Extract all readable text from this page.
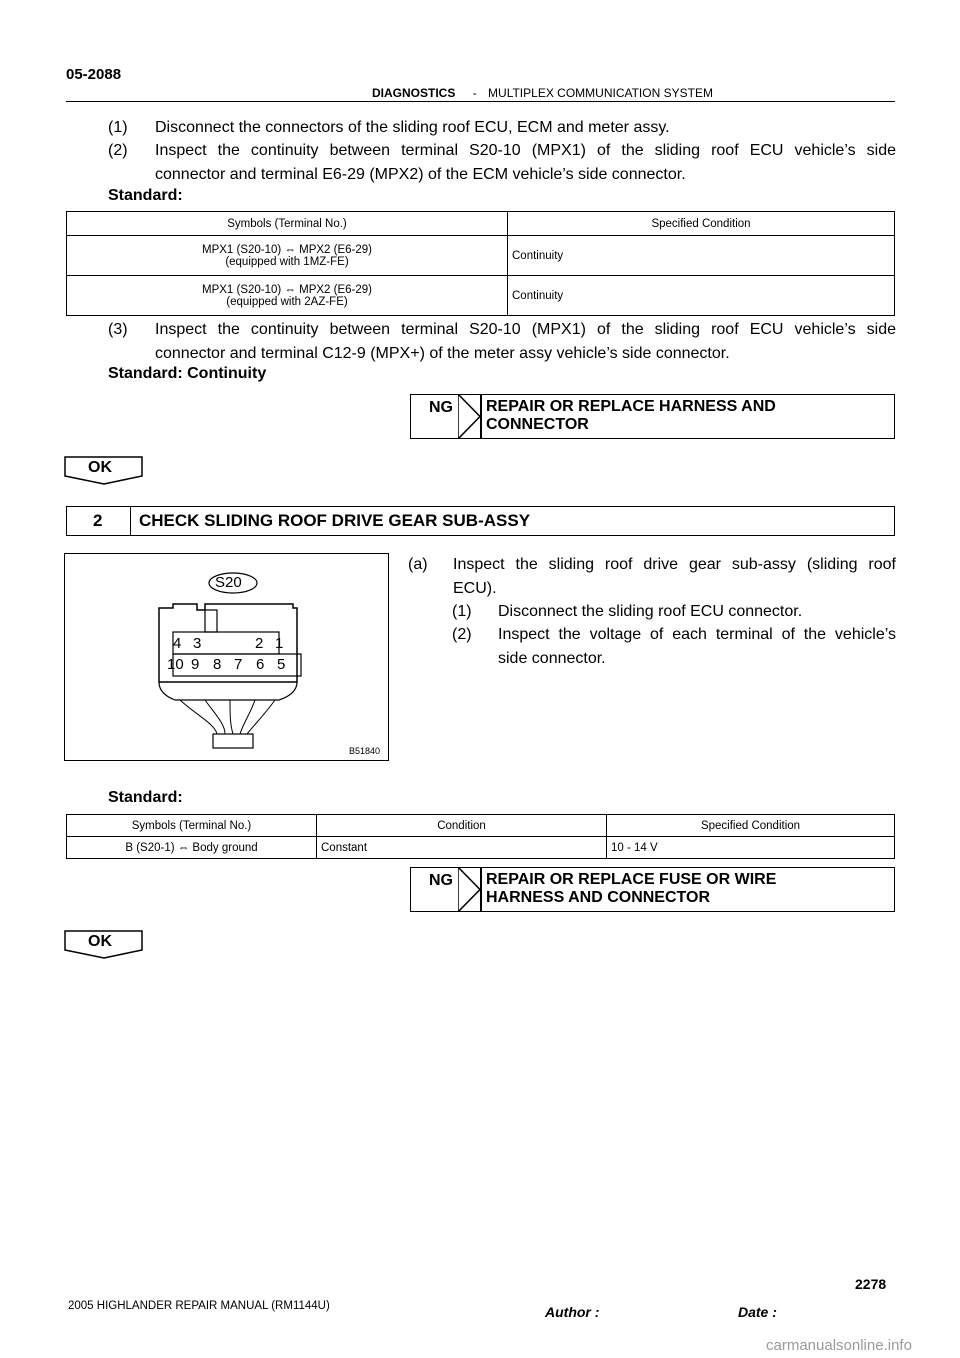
05-2088
DIAGNOSTICS - MULTIPLEX COMMUNICATION SYSTEM
(1) Disconnect the connectors of the sliding roof ECU, ECM and meter assy.
(2) Inspect the continuity between terminal S20-10 (MPX1) of the sliding roof ECU vehicle’s side
connector and terminal E6-29 (MPX2) of the ECM vehicle’s side connector.
Standard:
Symbols (Terminal No.)	Specified Condition

MPX1 (S20-10) ⇔ MPX2 (E6-29)
(equipped with 1MZ-FE)	Continuity

MPX1 (S20-10) ⇔ MPX2 (E6-29)
(equipped with 2AZ-FE)	Continuity
(3) Inspect the continuity between terminal S20-10 (MPX1) of the sliding roof ECU vehicle’s side
connector and terminal C12-9 (MPX+) of the meter assy vehicle’s side connector.
Standard: Continuity
NG REPAIR OR REPLACE HARNESS AND
CONNECTOR
OK
2 CHECK SLIDING ROOF DRIVE GEAR SUB-ASSY
S20
4 3	2 1
10 9 8 7 6 5
B51840
(a) Inspect the sliding roof drive gear sub-assy (sliding roof
ECU).
(1) Disconnect the sliding roof ECU connector.
(2) Inspect the voltage of each terminal of the vehicle’s
side connector.
Standard:
Symbols (Terminal No.)	Condition	Specified Condition
B (S20-1) ⇔ Body ground	Constant	10 - 14 V
NG REPAIR OR REPLACE FUSE OR WIRE
HARNESS AND CONNECTOR
OK
2278
Author :	Date :
2005 HIGHLANDER REPAIR MANUAL (RM1144U)
carmanualsonline.info
